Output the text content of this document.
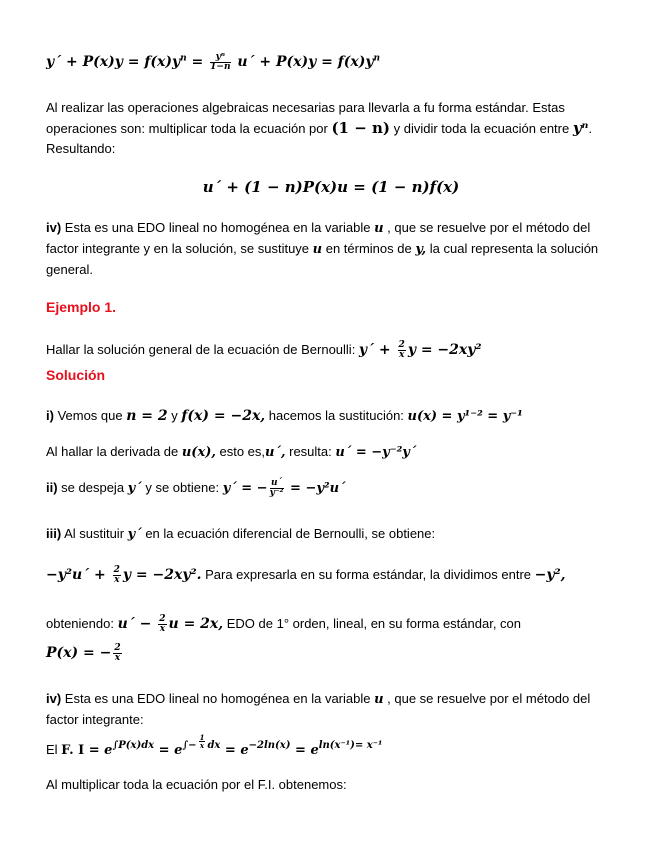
y´ + $P(x)y = f(x)y^n = \frac{\text{yⁿ}}{1-n}$ u´ + $P(x)y = f(x)y^n$
Al realizar las operaciones algebraicas necesarias para llevarla a fu forma estándar. Estas operaciones son: multiplicar toda la ecuación por (1 − n) y dividir toda la ecuación entre yⁿ. Resultando:
u´ + (1 − n)P(x)u = (1 − n)f(x)
iv) Esta es una EDO lineal no homogénea en la variable u , que se resuelve por el método del factor integrante y en la solución, se sustituye u en términos de y, la cual representa la solución general.
Ejemplo 1.
Hallar la solución general de la ecuación de Bernoulli: y´ + $\frac{2}{x}$ y = −2xy²
Solución
i) Vemos que n = 2 y f(x) = −2x, hacemos la sustitución: u(x) = y¹⁻² = y⁻¹
Al hallar la derivada de u(x), esto es,u´, resulta: u´ = −y⁻²y´
ii) se despeja y´ y se obtiene: y´ = − $\frac{u´}{\text{y⁻²}}$ = −y²u´
iii) Al sustituir y´ en la ecuación diferencial de Bernoulli, se obtiene:
−y²u´ + $\frac{2}{x}$ y = −2xy². Para expresarla en su forma estándar, la dividimos entre −y²,
obteniendo: u´ − $\frac{2}{x}$ u = 2x, EDO de 1° orden, lineal, en su forma estándar, con
P(x) = − $\frac{2}{x}$
iv) Esta es una EDO lineal no homogénea en la variable u , que se resuelve por el método del factor integrante:
El F. $I = e^{\int P(x)dx} = e^{\int-} \frac{1}{x} ^{dx} = e^{-2ln(x)} = e^{ln(x^{-1})= x^{-1}}$
Al multiplicar toda la ecuación por el F.I. obtenemos:
